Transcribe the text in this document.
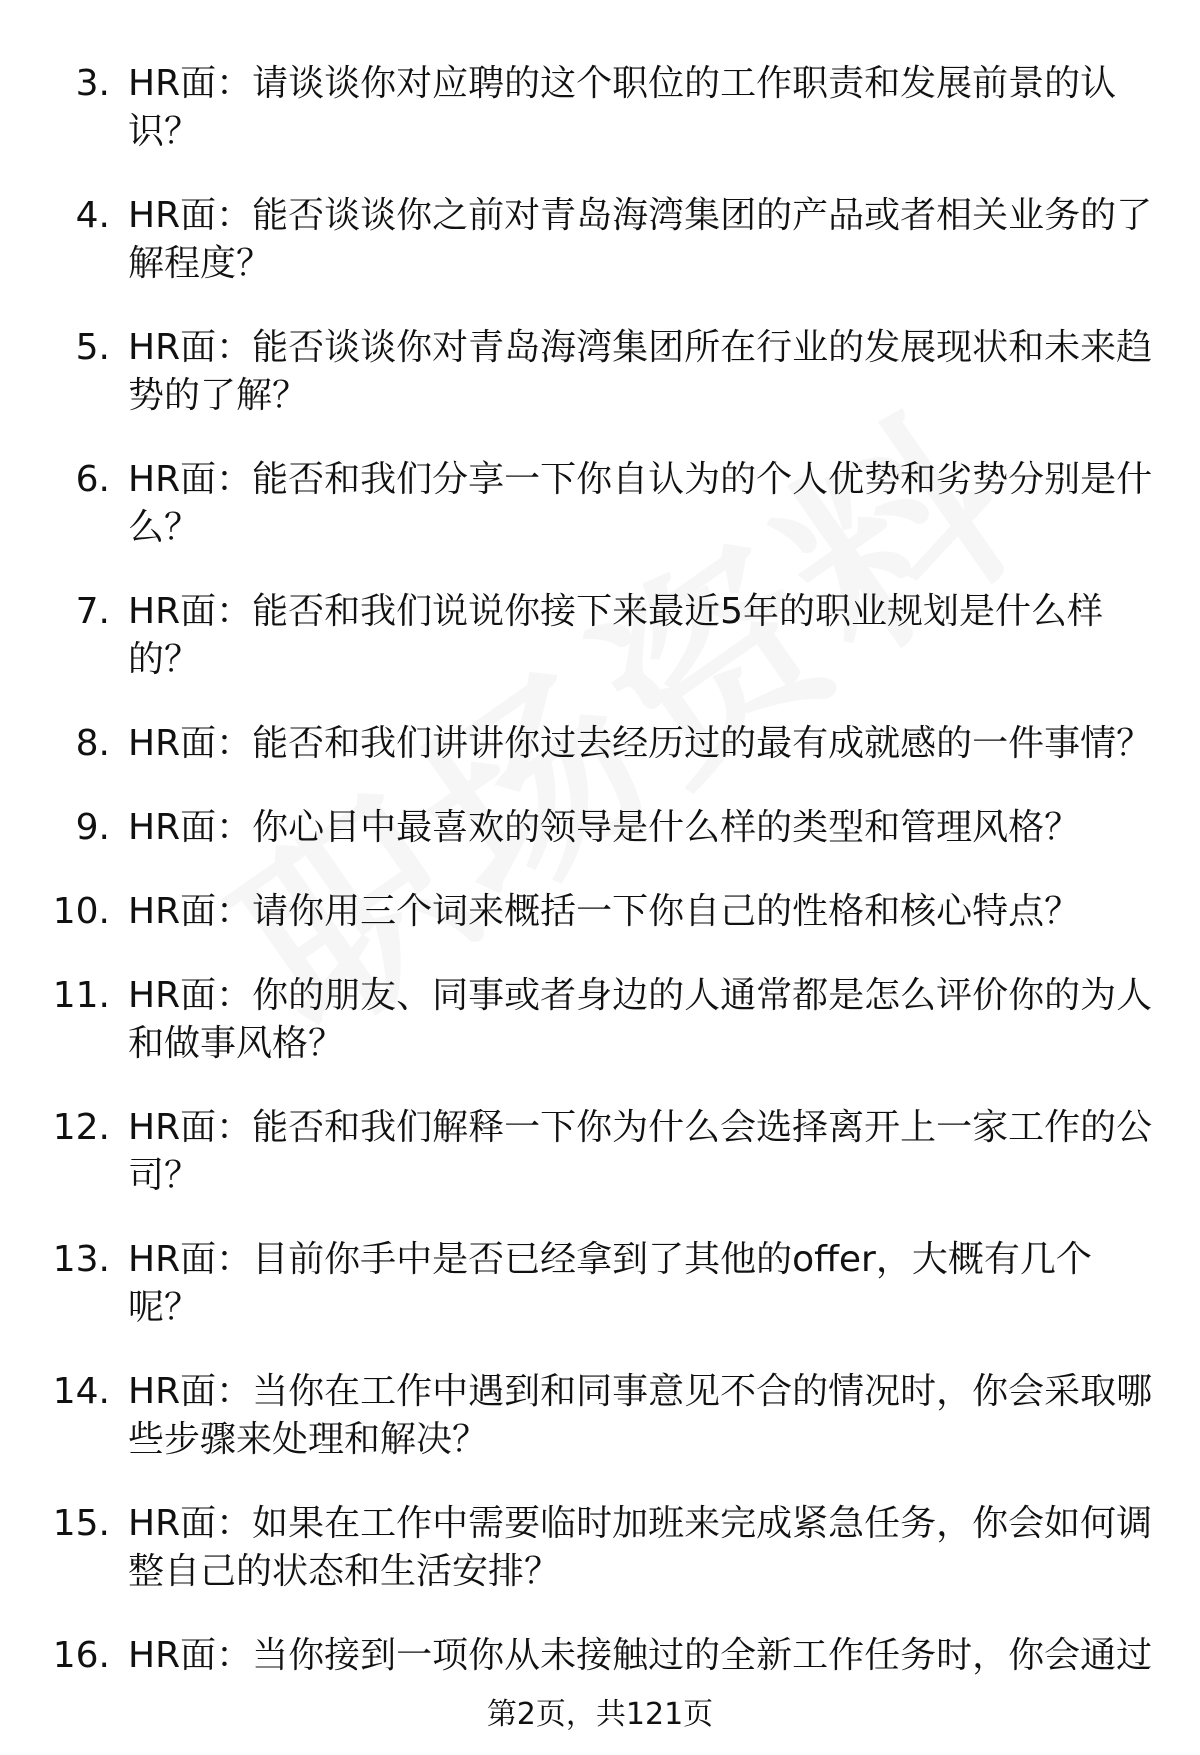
3. HR面：请谈谈你对应聘的这个职位的工作职责和发展前景的认
识？
4. HR面：能否谈谈你之前对青岛海湾集团的产品或者相关业务的了
解程度？
5. HR面：能否谈谈你对青岛海湾集团所在行业的发展现状和未来趋
势的了解？
6. HR面：能否和我们分享一下你自认为的个人优势和劣势分别是什
么？
7. HR面：能否和我们说说你接下来最近5年的职业规划是什么样
的？
8. HR面：能否和我们讲讲你过去经历过的最有成就感的一件事情？
9. HR面：你心目中最喜欢的领导是什么样的类型和管理风格？
10. HR面：请你用三个词来概括一下你自己的性格和核心特点？
11. HR面：你的朋友、同事或者身边的人通常都是怎么评价你的为人
和做事风格？
12. HR面：能否和我们解释一下你为什么会选择离开上一家工作的公
司？
13. HR面：目前你手中是否已经拿到了其他的offer，大概有几个
呢？
14. HR面：当你在工作中遇到和同事意见不合的情况时，你会采取哪
些步骤来处理和解决？
15. HR面：如果在工作中需要临时加班来完成紧急任务，你会如何调
整自己的状态和生活安排？
16. HR面：当你接到一项你从未接触过的全新工作任务时，你会通过
第2页，共121页
